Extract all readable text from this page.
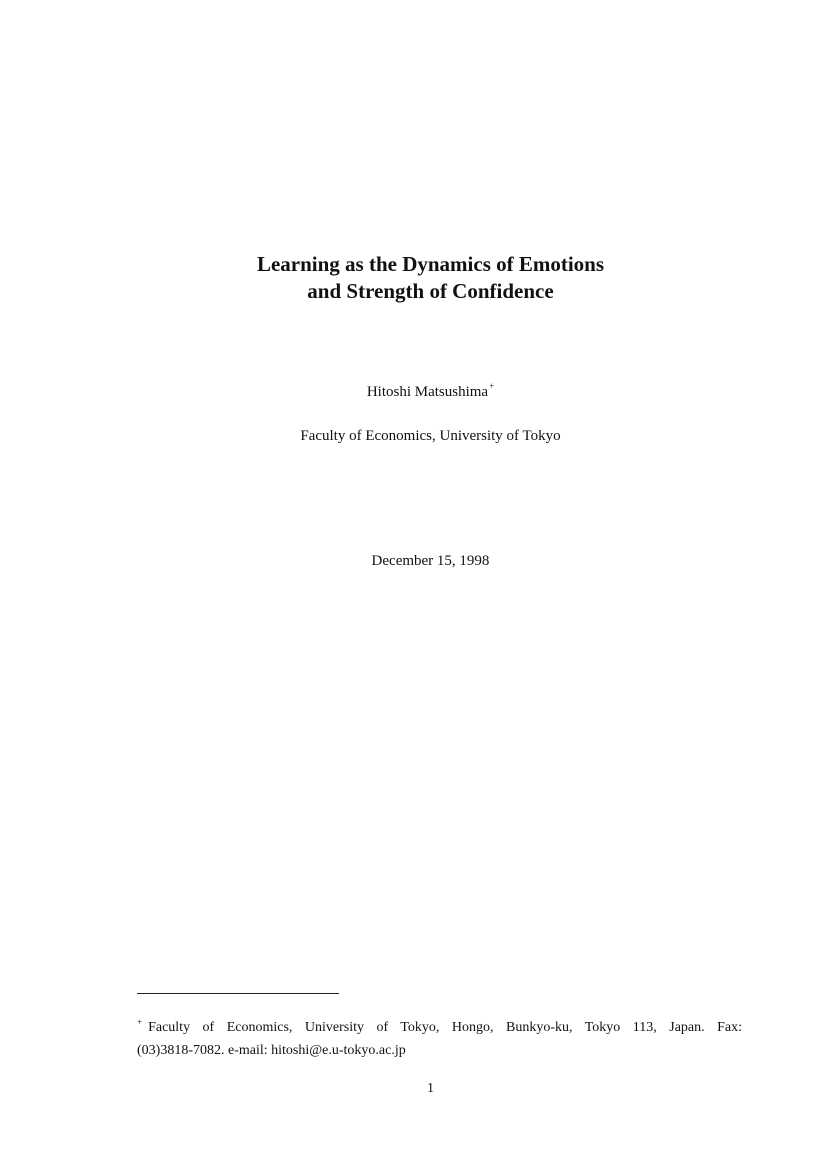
Learning as the Dynamics of Emotions
and Strength of Confidence
Hitoshi Matsushima+
Faculty of Economics, University of Tokyo
December 15, 1998
+ Faculty of Economics, University of Tokyo, Hongo, Bunkyo-ku, Tokyo 113, Japan. Fax:
(03)3818-7082. e-mail: hitoshi@e.u-tokyo.ac.jp
1
